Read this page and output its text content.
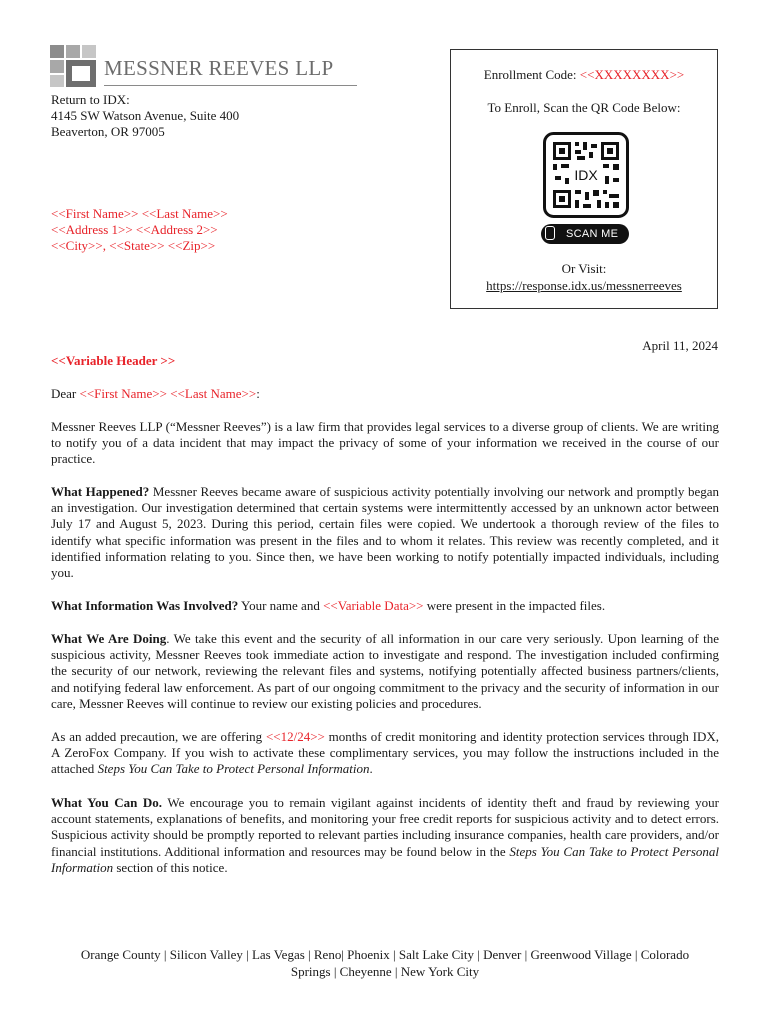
MESSNER REEVES LLP
Return to IDX:
4145 SW Watson Avenue, Suite 400
Beaverton, OR 97005
<<First Name>> <<Last Name>>
<<Address 1>> <<Address 2>>
<<City>>, <<State>> <<Zip>>
Enrollment Code: <<XXXXXXXX>>
To Enroll, Scan the QR Code Below:
IDX
SCAN ME
Or Visit:
https://response.idx.us/messnerreeves
April 11, 2024
<<Variable Header >>
Dear <<First Name>> <<Last Name>>:

Messner Reeves LLP (“Messner Reeves”) is a law firm that provides legal services to a diverse group of clients. We are writing to notify you of a data incident that may impact the privacy of some of your information we received in the course of our practice.

What Happened? Messner Reeves became aware of suspicious activity potentially involving our network and promptly began an investigation. Our investigation determined that certain systems were intermittently accessed by an unknown actor between July 17 and August 5, 2023. During this period, certain files were copied. We undertook a thorough review of the files to identify what specific information was present in the files and to whom it relates. This review was recently completed, and it identified information relating to you. Since then, we have been working to notify potentially impacted individuals, including you.

What Information Was Involved? Your name and <<Variable Data>> were present in the impacted files.

What We Are Doing. We take this event and the security of all information in our care very seriously. Upon learning of the suspicious activity, Messner Reeves took immediate action to investigate and respond. The investigation included confirming the security of our network, reviewing the relevant files and systems, notifying potentially affected business partners/clients, and notifying federal law enforcement. As part of our ongoing commitment to the privacy and the security of information in our care, Messner Reeves will continue to review our existing policies and procedures.

As an added precaution, we are offering <<12/24>> months of credit monitoring and identity protection services through IDX, A ZeroFox Company. If you wish to activate these complimentary services, you may follow the instructions included in the attached Steps You Can Take to Protect Personal Information.

What You Can Do. We encourage you to remain vigilant against incidents of identity theft and fraud by reviewing your account statements, explanations of benefits, and monitoring your free credit reports for suspicious activity and to detect errors. Suspicious activity should be promptly reported to relevant parties including insurance companies, health care providers, and/or financial institutions. Additional information and resources may be found below in the Steps You Can Take to Protect Personal Information section of this notice.

Orange County | Silicon Valley | Las Vegas | Reno| Phoenix | Salt Lake City | Denver | Greenwood Village | Colorado
Springs | Cheyenne | New York City
